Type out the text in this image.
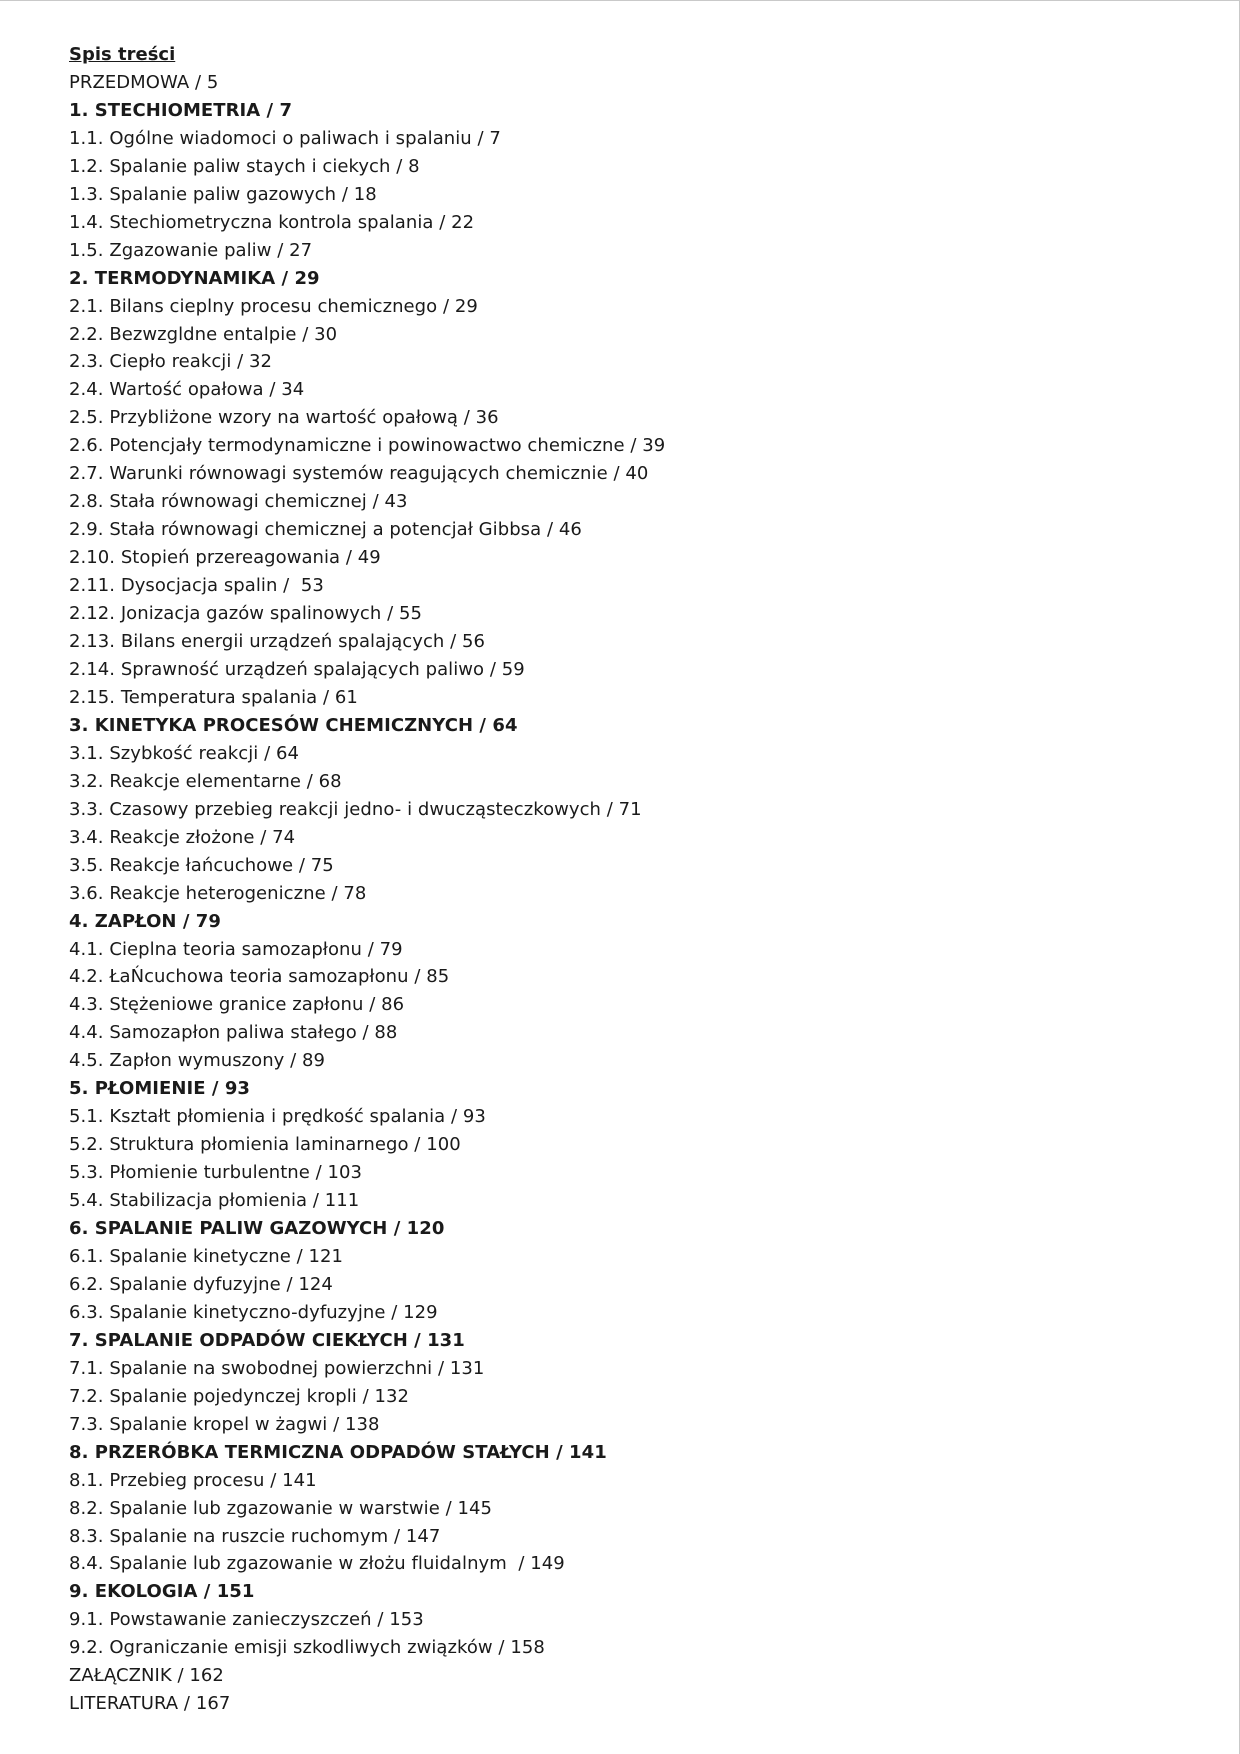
Spis treści
PRZEDMOWA / 5
1. STECHIOMETRIA / 7
1.1. Ogólne wiadomoci o paliwach i spalaniu / 7
1.2. Spalanie paliw staych i ciekych / 8
1.3. Spalanie paliw gazowych / 18
1.4. Stechiometryczna kontrola spalania / 22
1.5. Zgazowanie paliw / 27
2. TERMODYNAMIKA / 29
2.1. Bilans cieplny procesu chemicznego / 29
2.2. Bezwzgldne entalpie / 30
2.3. Ciepło reakcji / 32
2.4. Wartość opałowa / 34
2.5. Przybliżone wzory na wartość opałową / 36
2.6. Potencjały termodynamiczne i powinowactwo chemiczne / 39
2.7. Warunki równowagi systemów reagujących chemicznie / 40
2.8. Stała równowagi chemicznej / 43
2.9. Stała równowagi chemicznej a potencjał Gibbsa / 46
2.10. Stopień przereagowania / 49
2.11. Dysocjacja spalin /  53
2.12. Jonizacja gazów spalinowych / 55
2.13. Bilans energii urządzeń spalających / 56
2.14. Sprawność urządzeń spalających paliwo / 59
2.15. Temperatura spalania / 61
3. KINETYKA PROCESÓW CHEMICZNYCH / 64
3.1. Szybkość reakcji / 64
3.2. Reakcje elementarne / 68
3.3. Czasowy przebieg reakcji jedno- i dwucząsteczkowych / 71
3.4. Reakcje złożone / 74
3.5. Reakcje łańcuchowe / 75
3.6. Reakcje heterogeniczne / 78
4. ZAPŁON / 79
4.1. Cieplna teoria samozapłonu / 79
4.2. ŁaŃcuchowa teoria samozapłonu / 85
4.3. Stężeniowe granice zapłonu / 86
4.4. Samozapłon paliwa stałego / 88
4.5. Zapłon wymuszony / 89
5. PŁOMIENIE / 93
5.1. Kształt płomienia i prędkość spalania / 93
5.2. Struktura płomienia laminarnego / 100
5.3. Płomienie turbulentne / 103
5.4. Stabilizacja płomienia / 111
6. SPALANIE PALIW GAZOWYCH / 120
6.1. Spalanie kinetyczne / 121
6.2. Spalanie dyfuzyjne / 124
6.3. Spalanie kinetyczno-dyfuzyjne / 129
7. SPALANIE ODPADÓW CIEKŁYCH / 131
7.1. Spalanie na swobodnej powierzchni / 131
7.2. Spalanie pojedynczej kropli / 132
7.3. Spalanie kropel w żagwi / 138
8. PRZERÓBKA TERMICZNA ODPADÓW STAŁYCH / 141
8.1. Przebieg procesu / 141
8.2. Spalanie lub zgazowanie w warstwie / 145
8.3. Spalanie na ruszcie ruchomym / 147
8.4. Spalanie lub zgazowanie w złożu fluidalnym  / 149
9. EKOLOGIA / 151
9.1. Powstawanie zanieczyszczeń / 153
9.2. Ograniczanie emisji szkodliwych związków / 158
ZAŁĄCZNIK / 162
LITERATURA / 167
